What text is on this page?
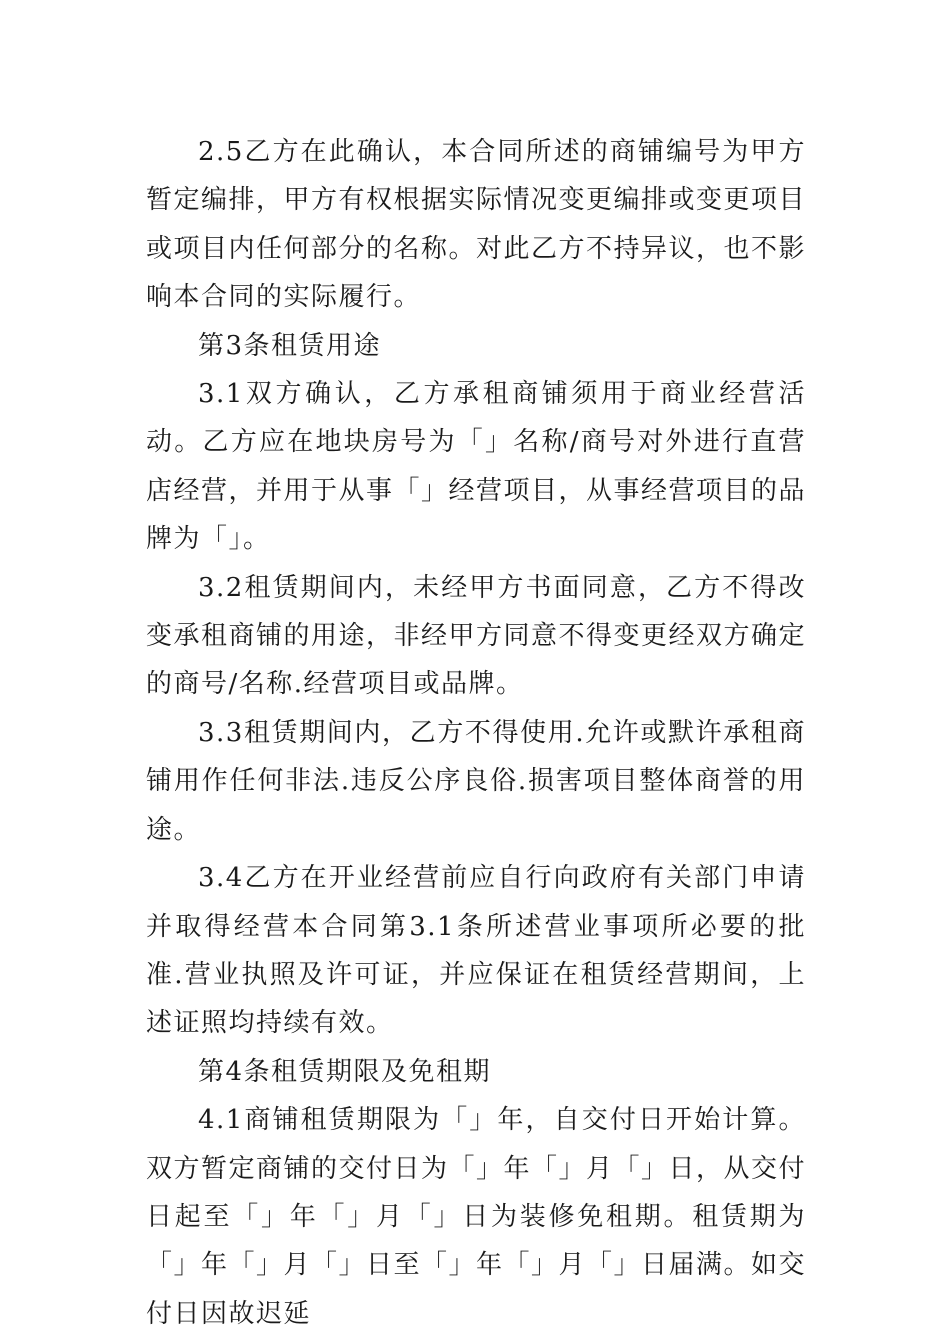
2.5乙方在此确认，本合同所述的商铺编号为甲方暂定编排，甲方有权根据实际情况变更编排或变更项目或项目内任何部分的名称。对此乙方不持异议，也不影响本合同的实际履行。

第3条租赁用途

3.1双方确认，乙方承租商铺须用于商业经营活动。乙方应在地块房号为「」名称/商号对外进行直营店经营，并用于从事「」经营项目，从事经营项目的品牌为「」。

3.2租赁期间内，未经甲方书面同意，乙方不得改变承租商铺的用途，非经甲方同意不得变更经双方确定的商号/名称.经营项目或品牌。

3.3租赁期间内，乙方不得使用.允许或默许承租商铺用作任何非法.违反公序良俗.损害项目整体商誉的用途。

3.4乙方在开业经营前应自行向政府有关部门申请并取得经营本合同第3.1条所述营业事项所必要的批准.营业执照及许可证，并应保证在租赁经营期间，上述证照均持续有效。

第4条租赁期限及免租期

4.1商铺租赁期限为「」年，自交付日开始计算。双方暂定商铺的交付日为「」年「」月「」日，从交付日起至「」年「」月「」日为装修免租期。租赁期为「」年「」月「」日至「」年「」月「」日届满。如交付日因故迟延
